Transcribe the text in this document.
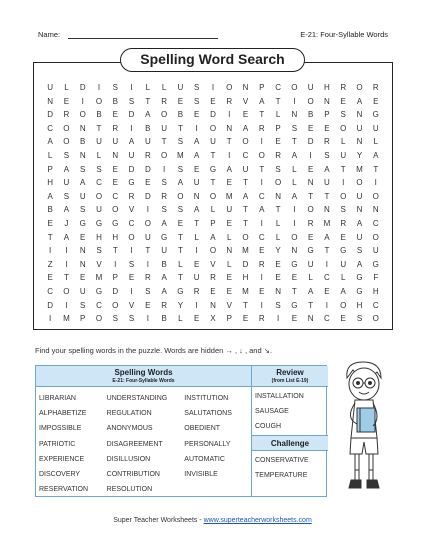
Name:	E-21: Four-Syllable Words
Spelling Word Search
U	L	D	I	S	I	L	L	U	S	I	O	N	P	C	O	U	H	R	O	R
N	E	I	O	B	S	T	R	E	S	E	R	V	A	T	I	O	N	E	A	E
D	R	O	B	E	D	A	O	B	E	D	I	E	T	L	N	B	P	S	N	G
C	O	N	T	R	I	B	U	T	I	O	N	A	R	P	S	E	E	O	U	U
A	O	B	U	U	A	U	T	S	A	U	T	O	I	E	T	D	R	L	N	L
L	S	N	L	N	U	R	O	M	A	T	I	C	O	R	A	I	S	U	Y	A
P	A	S	S	E	D	D	I	S	E	G	A	U	T	S	L	E	A	T	M	T
H	U	A	C	E	G	E	S	A	U	T	E	T	I	O	L	N	U	I	O	I
A	S	U	O	C	R	D	R	O	N	O	M	A	C	N	A	T	T	O	U	O
B	A	S	U	O	V	I	S	S	A	L	U	T	A	T	I	O	N	S	N	N
E	J	G	G	G	C	O	A	E	T	P	E	T	I	L	I	R	M	R	A	C
T	A	E	H	H	O	U	G	T	L	A	L	O	C	L	O	E	A	E	U	O
I	I	N	S	T	I	T	U	T	I	O	N	M	E	Y	N	G	T	G	S	U
Z	I	N	V	I	S	I	B	L	E	V	L	D	R	E	G	U	I	U	A	G
E	T	E	M	P	E	R	A	T	U	R	E	H	I	E	E	L	C	L	G	F
C	O	U	G	D	I	S	A	G	R	E	E	M	E	N	T	A	E	A	G	H
D	I	S	C	O	V	E	R	Y	I	N	V	T	I	S	G	T	I	O	H	C
I	M	P	O	S	S	I	B	L	E	X	P	E	R	I	E	N	C	E	S	O
Find your spelling words in the puzzle. Words are hidden → , ↓ , and ↘.
Spelling Words
E-21: Four-Syllable Words
LIBRARIAN
ALPHABETIZE
IMPOSSIBLE
PATRIOTIC
EXPERIENCE
DISCOVERY
RESERVATION
UNDERSTANDING
REGULATION
ANONYMOUS
DISAGREEMENT
DISILLUSION
CONTRIBUTION
RESOLUTION
INSTITUTION
SALUTATIONS
OBEDIENT
PERSONALLY
AUTOMATIC
INVISIBLE
Review
(from List E-19)
INSTALLATION
SAUSAGE
COUGH
Challenge
CONSERVATIVE
TEMPERATURE
Super Teacher Worksheets - www.superteacherworksheets.com
